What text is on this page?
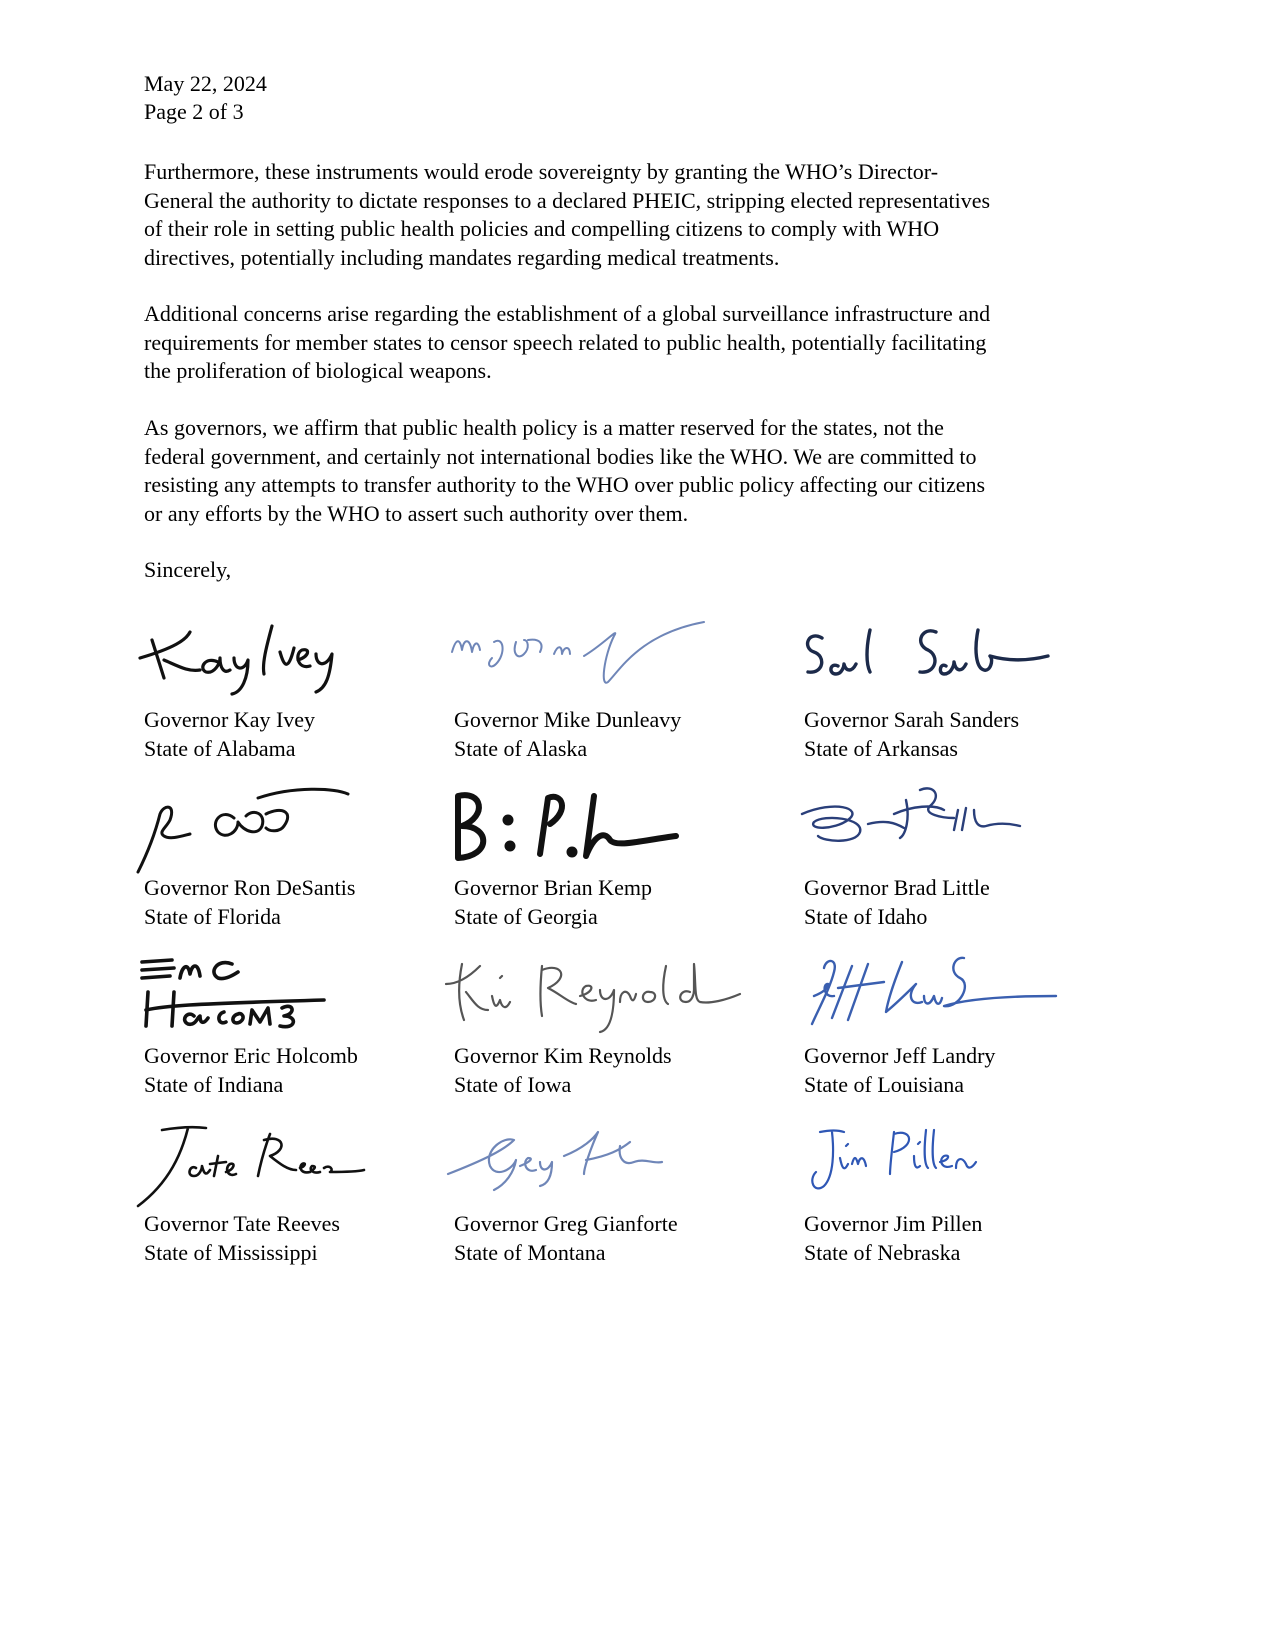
May 22, 2024
Page 2 of 3
Furthermore, these instruments would erode sovereignty by granting the WHO’s Director-
General the authority to dictate responses to a declared PHEIC, stripping elected representatives
of their role in setting public health policies and compelling citizens to comply with WHO
directives, potentially including mandates regarding medical treatments.
Additional concerns arise regarding the establishment of a global surveillance infrastructure and
requirements for member states to censor speech related to public health, potentially facilitating
the proliferation of biological weapons.
As governors, we affirm that public health policy is a matter reserved for the states, not the
federal government, and certainly not international bodies like the WHO. We are committed to
resisting any attempts to transfer authority to the WHO over public policy affecting our citizens
or any efforts by the WHO to assert such authority over them.
Sincerely,
Governor Kay Ivey
State of Alabama
Governor Mike Dunleavy
State of Alaska
Governor Sarah Sanders
State of Arkansas
Governor Ron DeSantis
State of Florida
Governor Brian Kemp
State of Georgia
Governor Brad Little
State of Idaho
Governor Eric Holcomb
State of Indiana
Governor Kim Reynolds
State of Iowa
Governor Jeff Landry
State of Louisiana
Governor Tate Reeves
State of Mississippi
Governor Greg Gianforte
State of Montana
Governor Jim Pillen
State of Nebraska
